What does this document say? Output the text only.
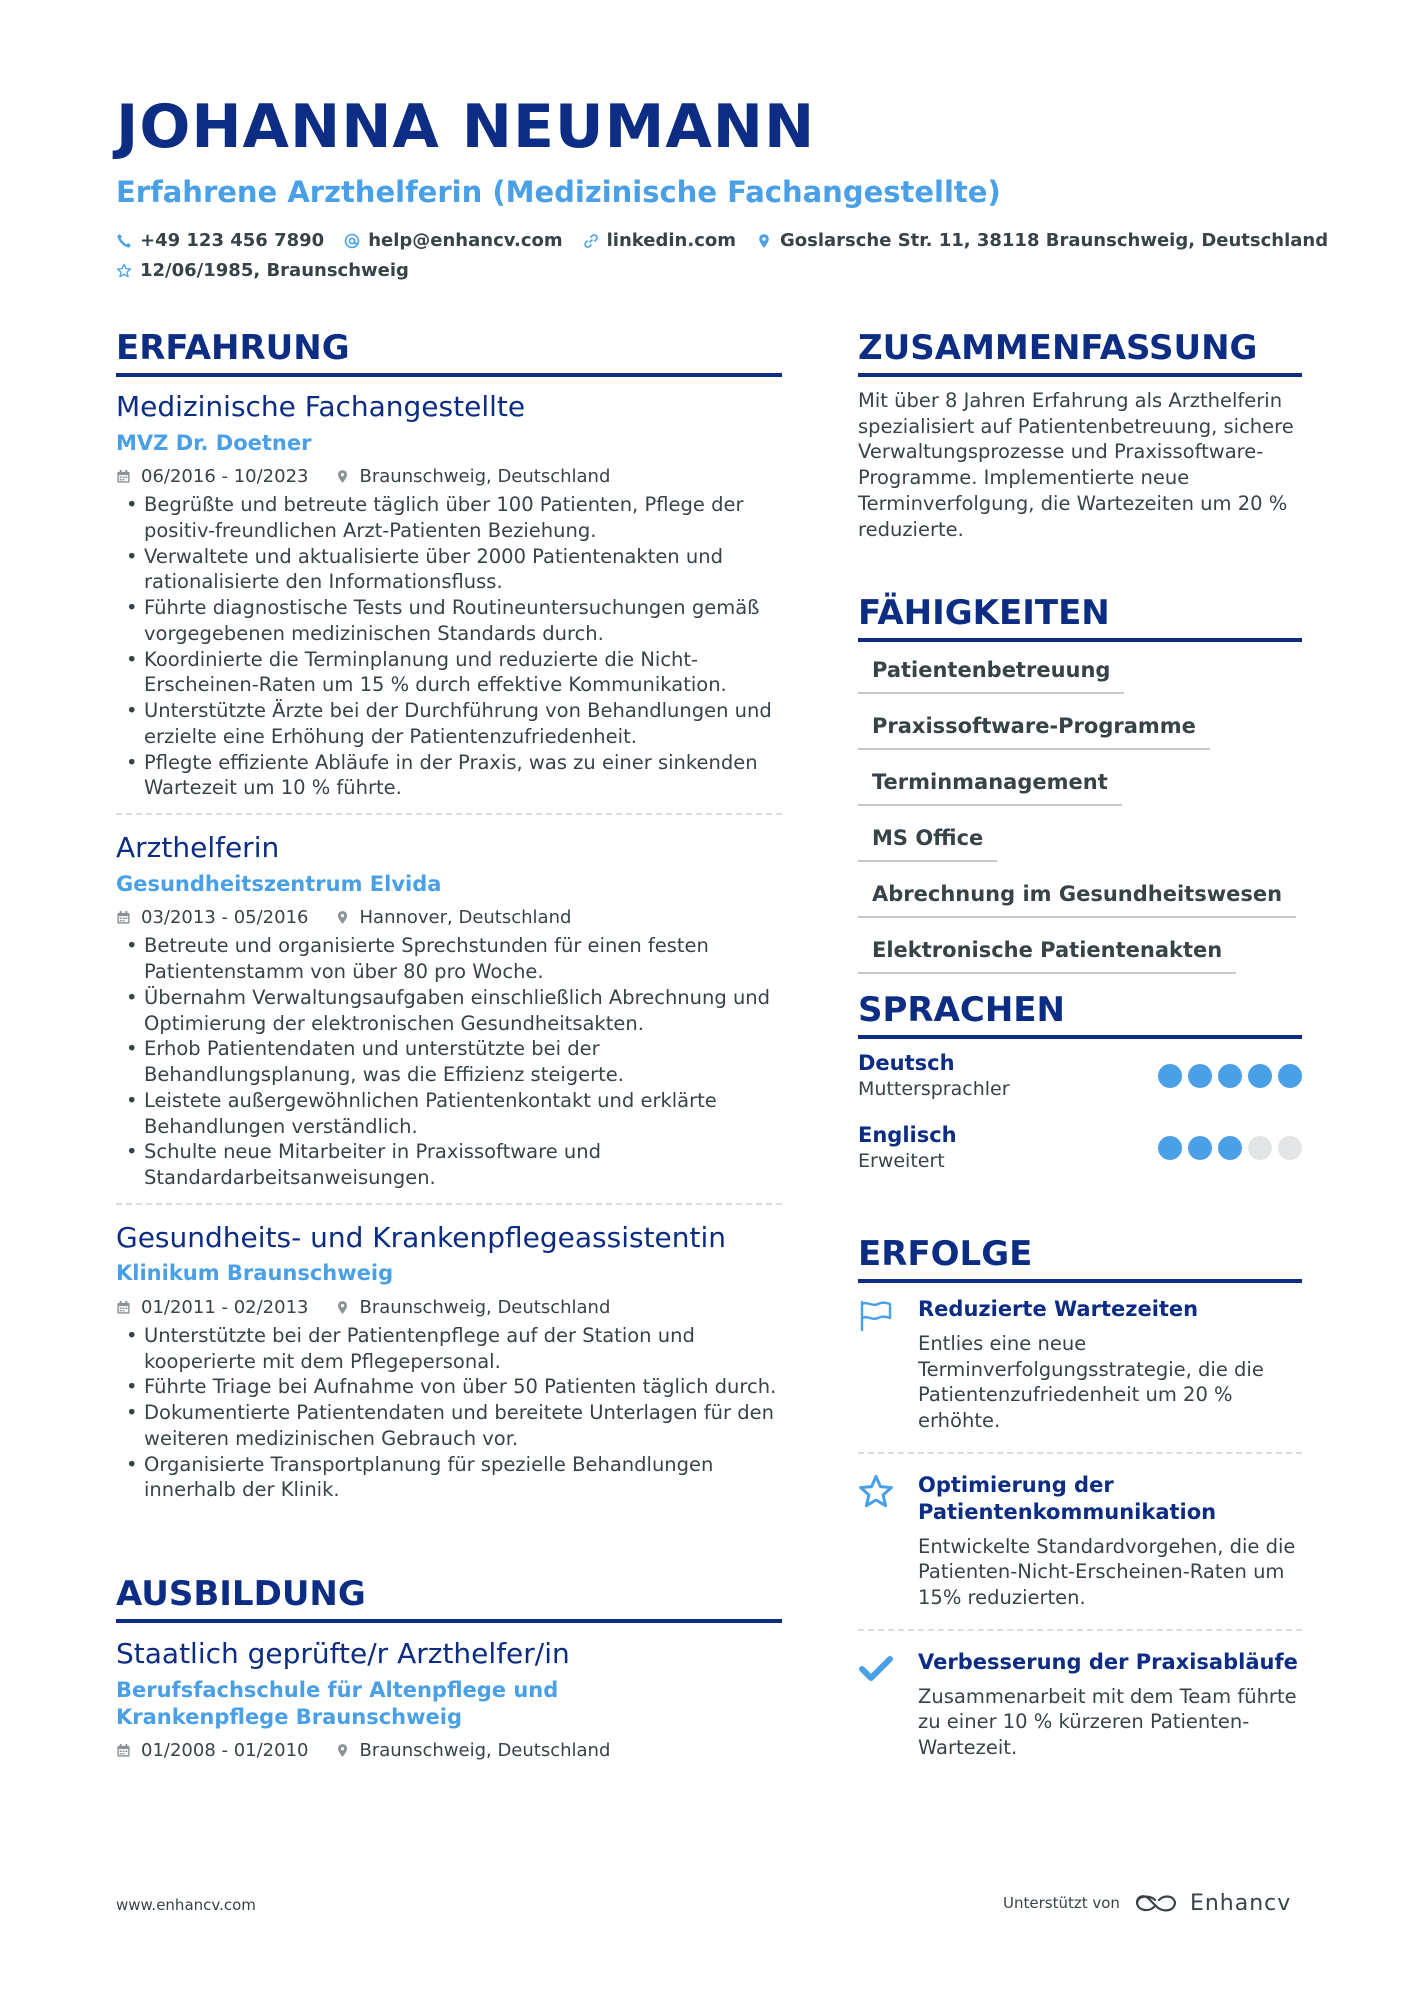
JOHANNA NEUMANN
Erfahrene Arzthelferin (Medizinische Fachangestellte)
+49 123 456 7890 help@enhancv.com linkedin.com Goslarsche Str. 11, 38118 Braunschweig, Deutschland
12/06/1985, Braunschweig
ERFAHRUNG	ZUSAMMENFASSUNG
Medizinische Fachangestellte
MVZ Dr. Doetner
06/2016 - 10/2023	Braunschweig, Deutschland
• Begrüßte und betreute täglich über 100 Patienten, Pflege der positiv-freundlichen Arzt-Patienten Beziehung.
• Verwaltete und aktualisierte über 2000 Patientenakten und rationalisierte den Informationsfluss.
• Führte diagnostische Tests und Routineuntersuchungen gemäß vorgegebenen medizinischen Standards durch.
• Koordinierte die Terminplanung und reduzierte die Nicht-Erscheinen-Raten um 15 % durch effektive Kommunikation.
• Unterstützte Ärzte bei der Durchführung von Behandlungen und erzielte eine Erhöhung der Patientenzufriedenheit.
• Pflegte effiziente Abläufe in der Praxis, was zu einer sinkenden Wartezeit um 10 % führte.
Arzthelferin
Gesundheitszentrum Elvida
03/2013 - 05/2016	Hannover, Deutschland
• Betreute und organisierte Sprechstunden für einen festen Patientenstamm von über 80 pro Woche.
• Übernahm Verwaltungsaufgaben einschließlich Abrechnung und Optimierung der elektronischen Gesundheitsakten.
• Erhob Patientendaten und unterstützte bei der Behandlungsplanung, was die Effizienz steigerte.
• Leistete außergewöhnlichen Patientenkontakt und erklärte Behandlungen verständlich.
• Schulte neue Mitarbeiter in Praxissoftware und Standardarbeitsanweisungen.
Gesundheits- und Krankenpflegeassistentin
Klinikum Braunschweig
01/2011 - 02/2013	Braunschweig, Deutschland
• Unterstützte bei der Patientenpflege auf der Station und kooperierte mit dem Pflegepersonal.
• Führte Triage bei Aufnahme von über 50 Patienten täglich durch.
• Dokumentierte Patientendaten und bereitete Unterlagen für den weiteren medizinischen Gebrauch vor.
• Organisierte Transportplanung für spezielle Behandlungen innerhalb der Klinik.
AUSBILDUNG
Staatlich geprüfte/r Arzthelfer/in
Berufsfachschule für Altenpflege und Krankenpflege Braunschweig
01/2008 - 01/2010	Braunschweig, Deutschland
Mit über 8 Jahren Erfahrung als Arzthelferin spezialisiert auf Patientenbetreuung, sichere Verwaltungsprozesse und Praxissoftware-Programme. Implementierte neue Terminverfolgung, die Wartezeiten um 20 % reduzierte.
FÄHIGKEITEN
Patientenbetreuung
Praxissoftware-Programme
Terminmanagement
MS Office
Abrechnung im Gesundheitswesen
Elektronische Patientenakten
SPRACHEN
Deutsch
Muttersprachler
Englisch
Erweitert
ERFOLGE
Reduzierte Wartezeiten
Entlies eine neue Terminverfolgungsstrategie, die die Patientenzufriedenheit um 20 % erhöhte.
Optimierung der Patientenkommunikation
Entwickelte Standardvorgehen, die die Patienten-Nicht-Erscheinen-Raten um 15% reduzierten.
Verbesserung der Praxisabläufe
Zusammenarbeit mit dem Team führte zu einer 10 % kürzeren Patienten-Wartezeit.
www.enhancv.com	Unterstützt von	Enhancv
